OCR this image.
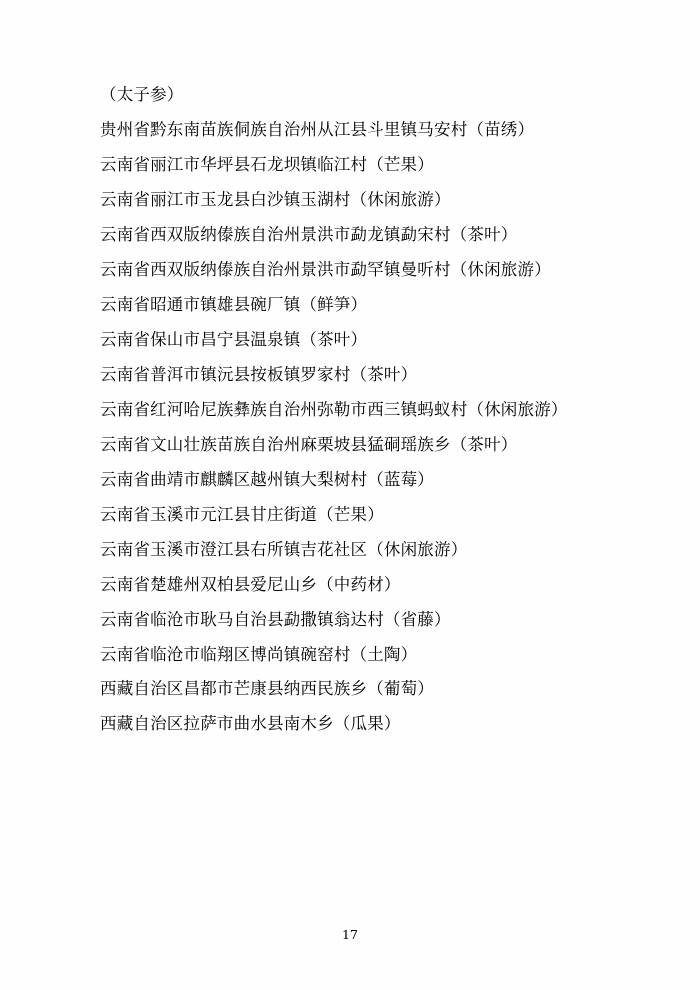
（太子参）

贵州省黔东南苗族侗族自治州从江县斗里镇马安村（苗绣）

云南省丽江市华坪县石龙坝镇临江村（芒果）

云南省丽江市玉龙县白沙镇玉湖村（休闲旅游）

云南省西双版纳傣族自治州景洪市勐龙镇勐宋村（茶叶）

云南省西双版纳傣族自治州景洪市勐罕镇曼听村（休闲旅游）

云南省昭通市镇雄县碗厂镇（鲜笋）

云南省保山市昌宁县温泉镇（茶叶）

云南省普洱市镇沅县按板镇罗家村（茶叶）

云南省红河哈尼族彝族自治州弥勒市西三镇蚂蚁村（休闲旅游）

云南省文山壮族苗族自治州麻栗坡县猛硐瑶族乡（茶叶）

云南省曲靖市麒麟区越州镇大梨树村（蓝莓）

云南省玉溪市元江县甘庄街道（芒果）

云南省玉溪市澄江县右所镇吉花社区（休闲旅游）

云南省楚雄州双柏县爱尼山乡（中药材）

云南省临沧市耿马自治县勐撒镇翁达村（省藤）

云南省临沧市临翔区博尚镇碗窑村（土陶）

西藏自治区昌都市芒康县纳西民族乡（葡萄）

西藏自治区拉萨市曲水县南木乡（瓜果）

17
